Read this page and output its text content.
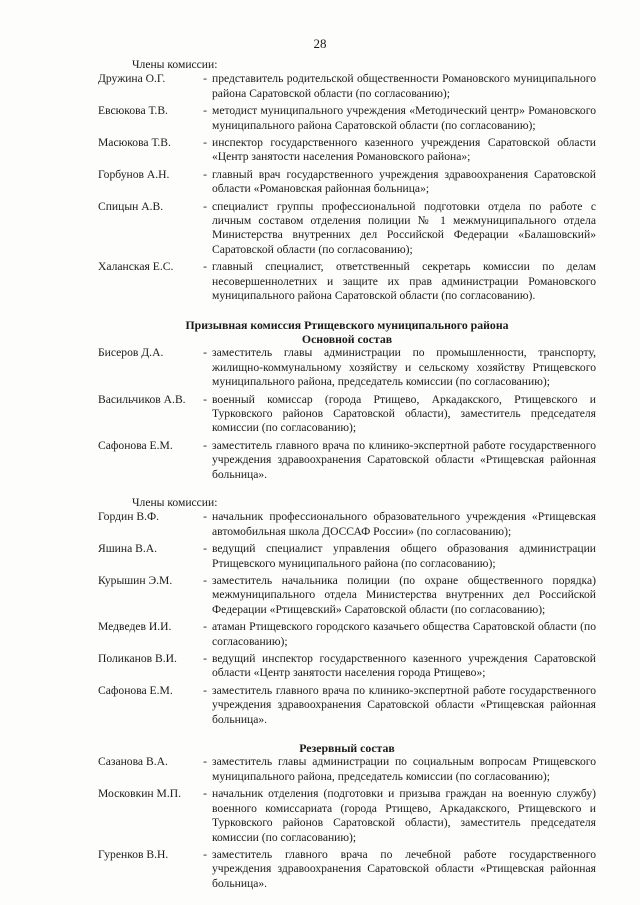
28

Члены комиссии:

Дружина О.Г.	- представитель родительской общественности Романовского муниципального района Саратовской области (по согласованию);
Евсюкова Т.В.	- методист муниципального учреждения «Методический центр» Романовского муниципального района Саратовской области (по согласованию);
Масюкова Т.В.	- инспектор государственного казенного учреждения Саратовской области «Центр занятости населения Романовского района»;
Горбунов А.Н.	- главный врач государственного учреждения здравоохранения Саратовской области «Романовская районная больница»;
Спицын А.В.	- специалист группы профессиональной подготовки отдела по работе с личным составом отделения полиции № 1 межмуниципального отдела Министерства внутренних дел Российской Федерации «Балашовский» Саратовской области (по согласованию);
Халанская Е.С.	- главный специалист, ответственный секретарь комиссии по делам несовершеннолетних и защите их прав администрации Романовского муниципального района Саратовской области (по согласованию).

Призывная комиссия Ртищевского муниципального района

Основной состав

Бисеров Д.А.	- заместитель главы администрации по промышленности, транспорту, жилищно-коммунальному хозяйству и сельскому хозяйству Ртищевского муниципального района, председатель комиссии (по согласованию);
Васильчиков А.В.	- военный комиссар (города Ртищево, Аркадакского, Ртищевского и Турковского районов Саратовской области), заместитель председателя комиссии (по согласованию);
Сафонова Е.М.	- заместитель главного врача по клинико-экспертной работе государственного учреждения здравоохранения Саратовской области «Ртищевская районная больница».

Члены комиссии:

Гордин В.Ф.	- начальник профессионального образовательного учреждения «Ртищевская автомобильная школа ДОССАФ России» (по согласованию);
Яшина В.А.	- ведущий специалист управления общего образования администрации Ртищевского муниципального района (по согласованию);
Курышин Э.М.	- заместитель начальника полиции (по охране общественного порядка) межмуниципального отдела Министерства внутренних дел Российской Федерации «Ртищевский» Саратовской области (по согласованию);
Медведев И.И.	- атаман Ртищевского городского казачьего общества Саратовской области (по согласованию);
Поликанов В.И.	- ведущий инспектор государственного казенного учреждения Саратовской области «Центр занятости населения города Ртищево»;
Сафонова Е.М.	- заместитель главного врача по клинико-экспертной работе государственного учреждения здравоохранения Саратовской области «Ртищевская районная больница».

Резервный состав

Сазанова В.А.	- заместитель главы администрации по социальным вопросам Ртищевского муниципального района, председатель комиссии (по согласованию);
Московкин М.П.	- начальник отделения (подготовки и призыва граждан на военную службу) военного комиссариата (города Ртищево, Аркадакского, Ртищевского и Турковского районов Саратовской области), заместитель председателя комиссии (по согласованию);
Гуренков В.Н.	- заместитель главного врача по лечебной работе государственного учреждения здравоохранения Саратовской области «Ртищевская районная больница».
